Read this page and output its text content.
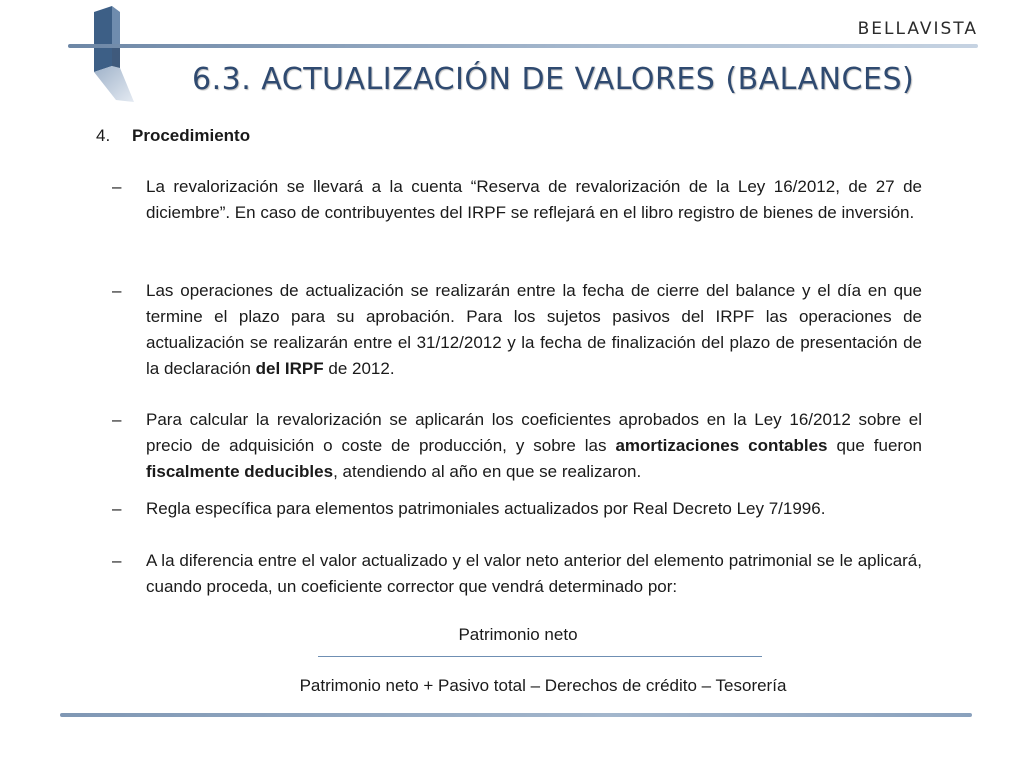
BELLAVISTA
6.3. ACTUALIZACIÓN DE VALORES (BALANCES)
4. Procedimiento
– La revalorización se llevará a la cuenta “Reserva de revalorización de la Ley 16/2012, de 27 de diciembre”. En caso de contribuyentes del IRPF se reflejará en el libro registro de bienes de inversión.
– Las operaciones de actualización se realizarán entre la fecha de cierre del balance y el día en que termine el plazo para su aprobación. Para los sujetos pasivos del IRPF las operaciones de actualización se realizarán entre el 31/12/2012 y la fecha de finalización del plazo de presentación de la declaración del IRPF de 2012.
– Para calcular la revalorización se aplicarán los coeficientes aprobados en la Ley 16/2012 sobre el precio de adquisición o coste de producción, y sobre las amortizaciones contables que fueron fiscalmente deducibles, atendiendo al año en que se realizaron.
– Regla específica para elementos patrimoniales actualizados por Real Decreto Ley 7/1996.
– A la diferencia entre el valor actualizado y el valor neto anterior del elemento patrimonial se le aplicará, cuando proceda, un coeficiente corrector que vendrá determinado por:
Patrimonio neto
Patrimonio neto + Pasivo total – Derechos de crédito – Tesorería
